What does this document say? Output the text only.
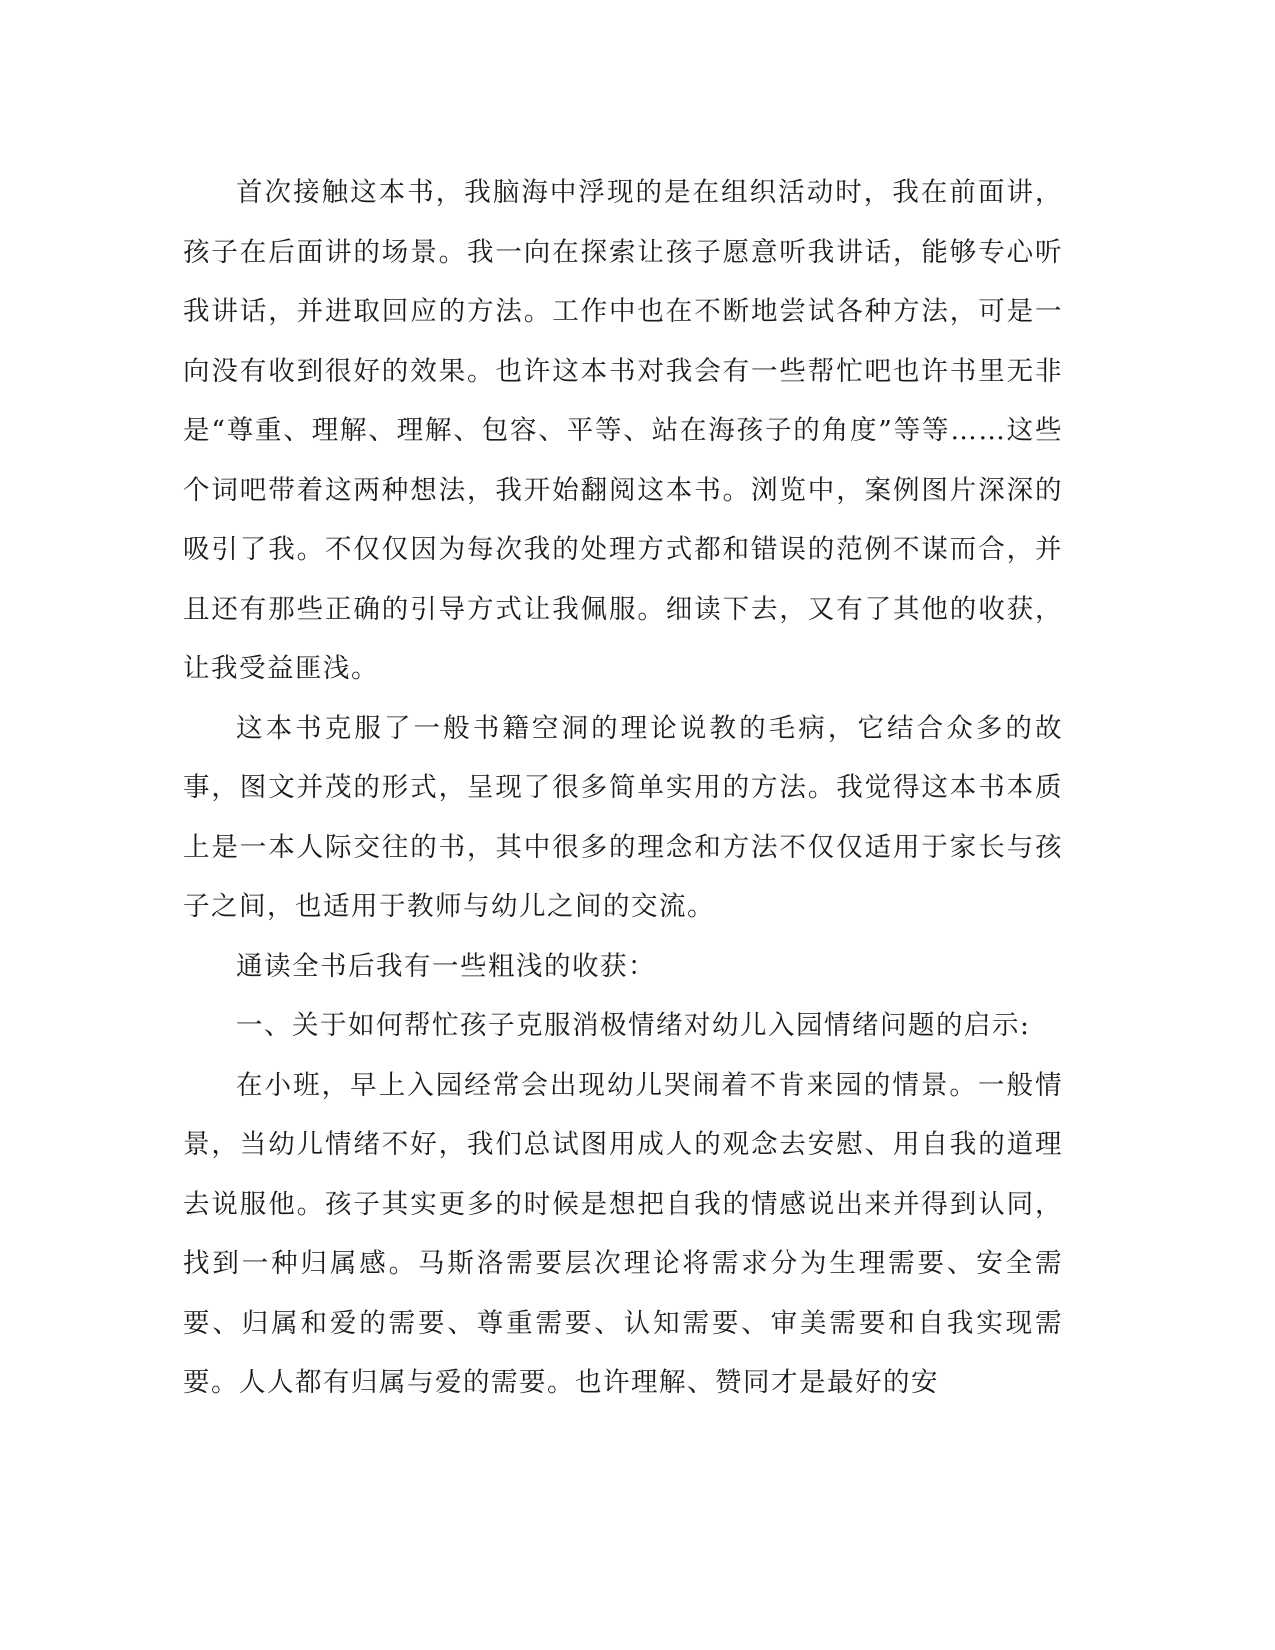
首次接触这本书，我脑海中浮现的是在组织活动时，我在前面讲，孩子在后面讲的场景。我一向在探索让孩子愿意听我讲话，能够专心听我讲话，并进取回应的方法。工作中也在不断地尝试各种方法，可是一向没有收到很好的效果。也许这本书对我会有一些帮忙吧也许书里无非是“尊重、理解、理解、包容、平等、站在海孩子的角度”等等……这些个词吧带着这两种想法，我开始翻阅这本书。浏览中，案例图片深深的吸引了我。不仅仅因为每次我的处理方式都和错误的范例不谋而合，并且还有那些正确的引导方式让我佩服。细读下去，又有了其他的收获，让我受益匪浅。

这本书克服了一般书籍空洞的理论说教的毛病，它结合众多的故事，图文并茂的形式，呈现了很多简单实用的方法。我觉得这本书本质上是一本人际交往的书，其中很多的理念和方法不仅仅适用于家长与孩子之间，也适用于教师与幼儿之间的交流。

通读全书后我有一些粗浅的收获：

一、关于如何帮忙孩子克服消极情绪对幼儿入园情绪问题的启示:

在小班，早上入园经常会出现幼儿哭闹着不肯来园的情景。一般情景，当幼儿情绪不好，我们总试图用成人的观念去安慰、用自我的道理去说服他。孩子其实更多的时候是想把自我的情感说出来并得到认同，找到一种归属感。马斯洛需要层次理论将需求分为生理需要、安全需要、归属和爱的需要、尊重需要、认知需要、审美需要和自我实现需要。人人都有归属与爱的需要。也许理解、赞同才是最好的安
